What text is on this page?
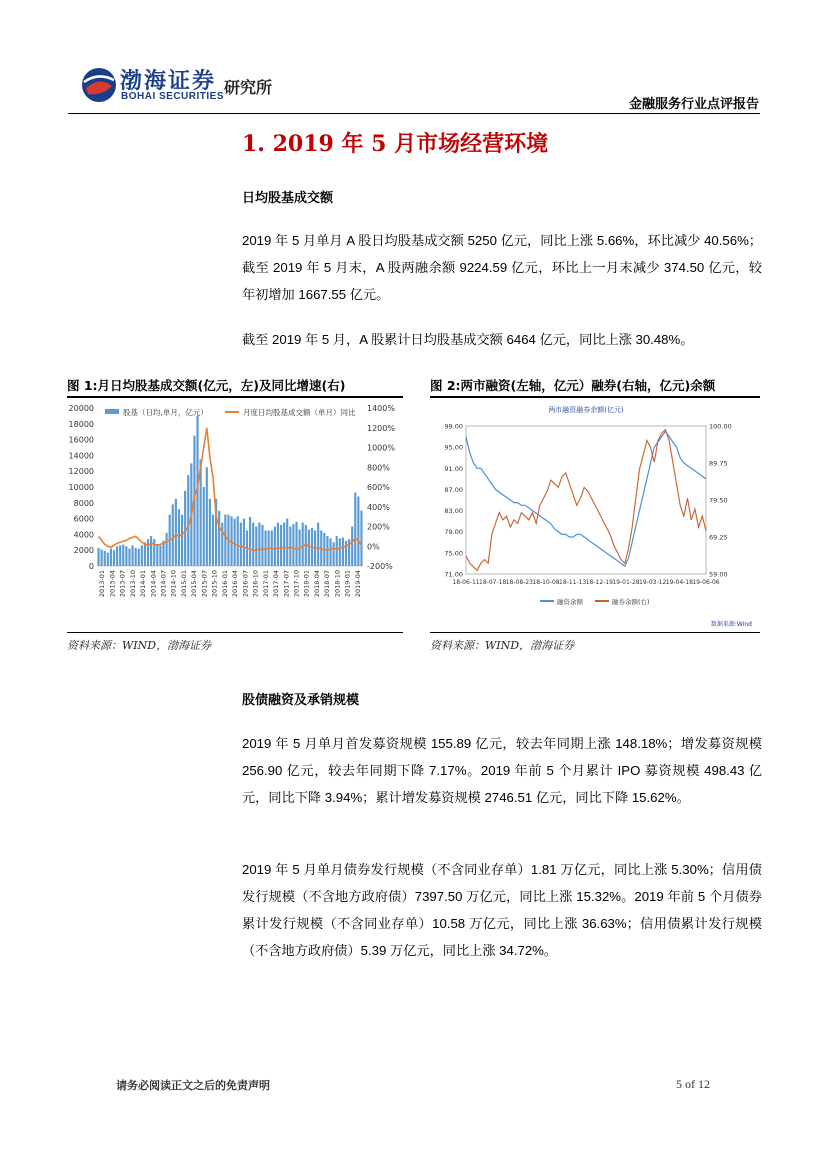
渤海证券
BOHAI SECURITIES 研究所
金融服务行业点评报告
1. 2019 年 5 月市场经营环境
日均股基成交额
2019 年 5 月单月 A 股日均股基成交额 5250 亿元，同比上涨 5.66%，环比减少 40.56%；截至 2019 年 5 月末，A 股两融余额 9224.59 亿元，环比上一月末减少 374.50 亿元，较年初增加 1667.55 亿元。
截至 2019 年 5 月，A 股累计日均股基成交额 6464 亿元，同比上涨 30.48%。
图 1:月日均股基成交额(亿元，左)及同比增速(右)
0
2000
4000
6000
8000
10000
12000
14000
16000
18000
20000
-200%
0%
200%
400%
600%
800%
1000%
1200%
1400%
2013-01 2013-04 2013-07 2013-10 2014-01 2014-04 2014-07 2014-10 2015-01 2015-04 2015-07 2015-10 2016-01 2016-04 2016-07 2016-10 2017-01 2017-04 2017-07 2017-10 2018-01 2018-04 2018-07 2018-10 2019-01 2019-04
股基（日均,单月，亿元）	月度日均股基成交额（单月）同比
资料来源：WIND，渤海证券
图 2:两市融资(左轴，亿元）融券(右轴，亿元)余额
两市融资融券余额(亿元)
71.00
75.00
79.00
83.00
87.00
91.00
95.00
99.00
59.00
69.25
79.50
89.75
100.00
18-06-11 18-07-18 18-08-23 18-10-08 18-11-13 18-12-19 19-01-28 19-03-12 19-04-18 19-06-06
融资余额	融券余额(右)
数据来源:Wind
资料来源：WIND，渤海证券
股债融资及承销规模
2019 年 5 月单月首发募资规模 155.89 亿元，较去年同期上涨 148.18%；增发募资规模 256.90 亿元，较去年同期下降 7.17%。2019 年前 5 个月累计 IPO 募资规模 498.43 亿元，同比下降 3.94%；累计增发募资规模 2746.51 亿元，同比下降 15.62%。
2019 年 5 月单月债券发行规模（不含同业存单）1.81 万亿元，同比上涨 5.30%；信用债发行规模（不含地方政府债）7397.50 万亿元，同比上涨 15.32%。2019 年前 5 个月债券累计发行规模（不含同业存单）10.58 万亿元，同比上涨 36.63%；信用债累计发行规模（不含地方政府债）5.39 万亿元，同比上涨 34.72%。
请务必阅读正文之后的免责声明	5 of 12
